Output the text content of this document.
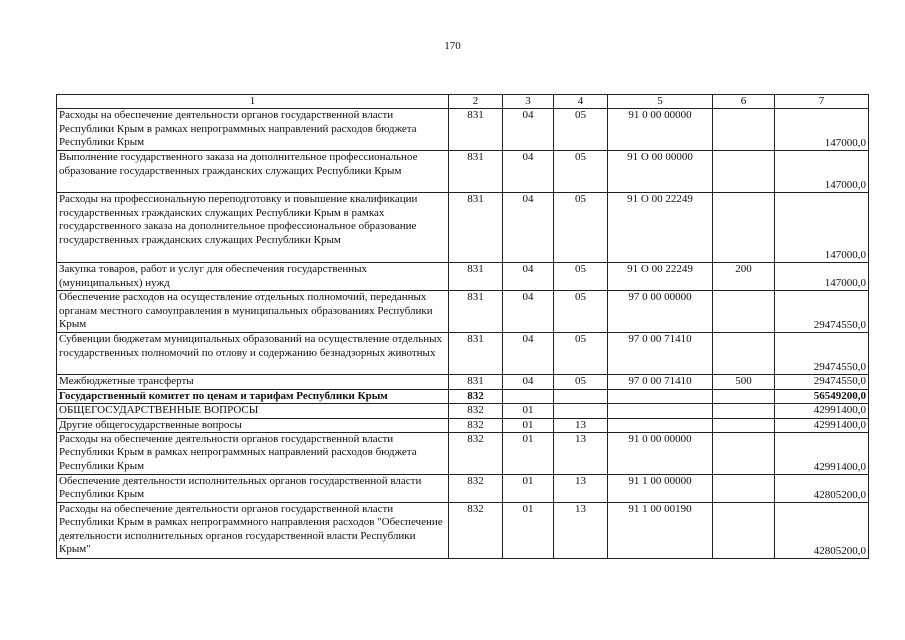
170
1	2	3	4	5	6	7
Расходы на обеспечение деятельности органов государственной власти Республики Крым в рамках непрограммных направлений расходов бюджета Республики Крым	831	04	05	91 0 00 00000		147000,0
Выполнение государственного заказа на дополнительное профессиональное образование государственных гражданских служащих Республики Крым	831	04	05	91 О 00 00000		147000,0
Расходы на профессиональную переподготовку и повышение квалификации государственных гражданских служащих Республики Крым в рамках государственного заказа на дополнительное профессиональное образование государственных гражданских служащих Республики Крым	831	04	05	91 О 00 22249		147000,0
Закупка товаров, работ и услуг для обеспечения государственных (муниципальных) нужд	831	04	05	91 О 00 22249	200	147000,0
Обеспечение расходов на осуществление отдельных полномочий, переданных органам местного самоуправления в муниципальных образованиях Республики Крым	831	04	05	97 0 00 00000		29474550,0
Субвенции бюджетам муниципальных образований на осуществление отдельных государственных полномочий по отлову и содержанию безнадзорных животных	831	04	05	97 0 00 71410		29474550,0
Межбюджетные трансферты	831	04	05	97 0 00 71410	500	29474550,0
Государственный комитет по ценам и тарифам Республики Крым	832					56549200,0
ОБЩЕГОСУДАРСТВЕННЫЕ ВОПРОСЫ	832	01				42991400,0
Другие общегосударственные вопросы	832	01	13			42991400,0
Расходы на обеспечение деятельности органов государственной власти Республики Крым в рамках непрограммных направлений расходов бюджета Республики Крым	832	01	13	91 0 00 00000		42991400,0
Обеспечение деятельности исполнительных органов государственной власти Республики Крым	832	01	13	91 1 00 00000		42805200,0
Расходы на обеспечение деятельности органов государственной власти Республики Крым в рамках непрограммного направления расходов "Обеспечение деятельности исполнительных органов государственной власти Республики Крым"	832	01	13	91 1 00 00190		42805200,0
